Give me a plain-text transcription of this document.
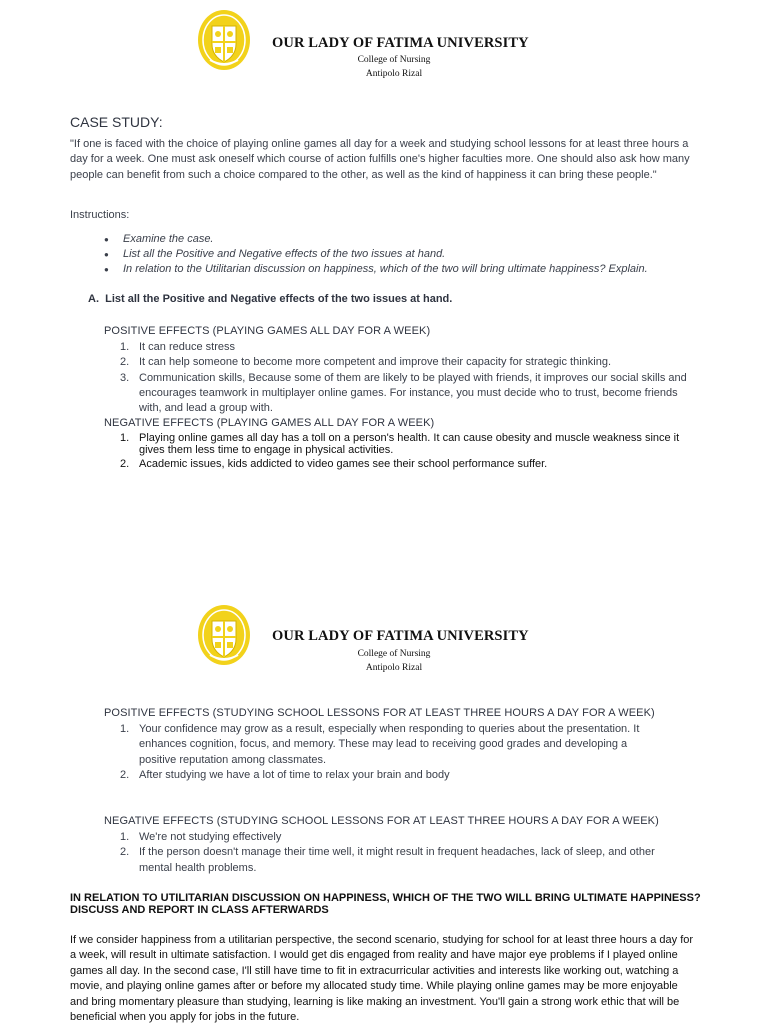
OUR LADY OF FATIMA UNIVERSITY
College of Nursing
Antipolo Rizal
CASE STUDY:
"If one is faced with the choice of playing online games all day for a week and studying school lessons for at least three hours a day for a week. One must ask oneself which course of action fulfills one's higher faculties more. One should also ask how many people can benefit from such a choice compared to the other, as well as the kind of happiness it can bring these people."
Instructions:
● Examine the case.
● List all the Positive and Negative effects of the two issues at hand.
● In relation to the Utilitarian discussion on happiness, which of the two will bring ultimate happiness? Explain.
A. List all the Positive and Negative effects of the two issues at hand.
POSITIVE EFFECTS (PLAYING GAMES ALL DAY FOR A WEEK)
1. It can reduce stress
2. It can help someone to become more competent and improve their capacity for strategic thinking.
3. Communication skills, Because some of them are likely to be played with friends, it improves our social skills and encourages teamwork in multiplayer online games. For instance, you must decide who to trust, become friends with, and lead a group with.
NEGATIVE EFFECTS (PLAYING GAMES ALL DAY FOR A WEEK)
1. Playing online games all day has a toll on a person's health. It can cause obesity and muscle weakness since it gives them less time to engage in physical activities.
2. Academic issues, kids addicted to video games see their school performance suffer.
OUR LADY OF FATIMA UNIVERSITY
College of Nursing
Antipolo Rizal
POSITIVE EFFECTS (STUDYING SCHOOL LESSONS FOR AT LEAST THREE HOURS A DAY FOR A WEEK)
1. Your confidence may grow as a result, especially when responding to queries about the presentation. It enhances cognition, focus, and memory. These may lead to receiving good grades and developing a positive reputation among classmates.
2. After studying we have a lot of time to relax your brain and body
NEGATIVE EFFECTS (STUDYING SCHOOL LESSONS FOR AT LEAST THREE HOURS A DAY FOR A WEEK)
1. We're not studying effectively
2. If the person doesn't manage their time well, it might result in frequent headaches, lack of sleep, and other mental health problems.
IN RELATION TO UTILITARIAN DISCUSSION ON HAPPINESS, WHICH OF THE TWO WILL BRING ULTIMATE HAPPINESS? DISCUSS AND REPORT IN CLASS AFTERWARDS
If we consider happiness from a utilitarian perspective, the second scenario, studying for school for at least three hours a day for a week, will result in ultimate satisfaction. I would get dis engaged from reality and have major eye problems if I played online games all day. In the second case, I'll still have time to fit in extracurricular activities and interests like working out, watching a movie, and playing online games after or before my allocated study time. While playing online games may be more enjoyable and bring momentary pleasure than studying, learning is like making an investment. You'll gain a strong work ethic that will be beneficial when you apply for jobs in the future.
